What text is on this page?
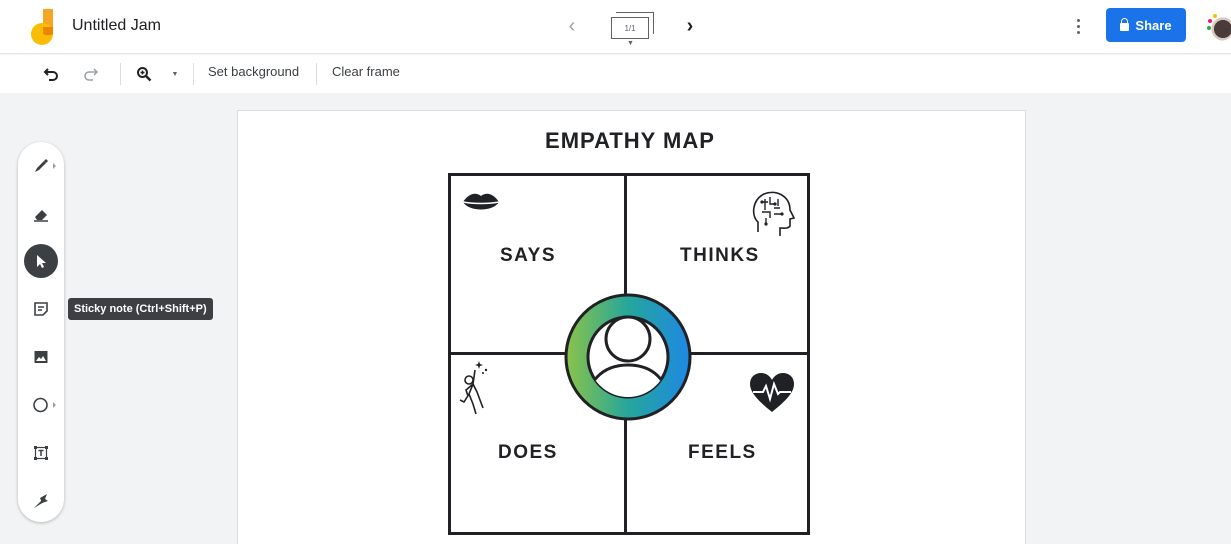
Untitled Jam	‹	1/1
▼
›	Share
▼ Set background	Clear frame
Sticky note (Ctrl+Shift+P)
EMPATHY MAP
SAYS	THINKS
DOES	FEELS
